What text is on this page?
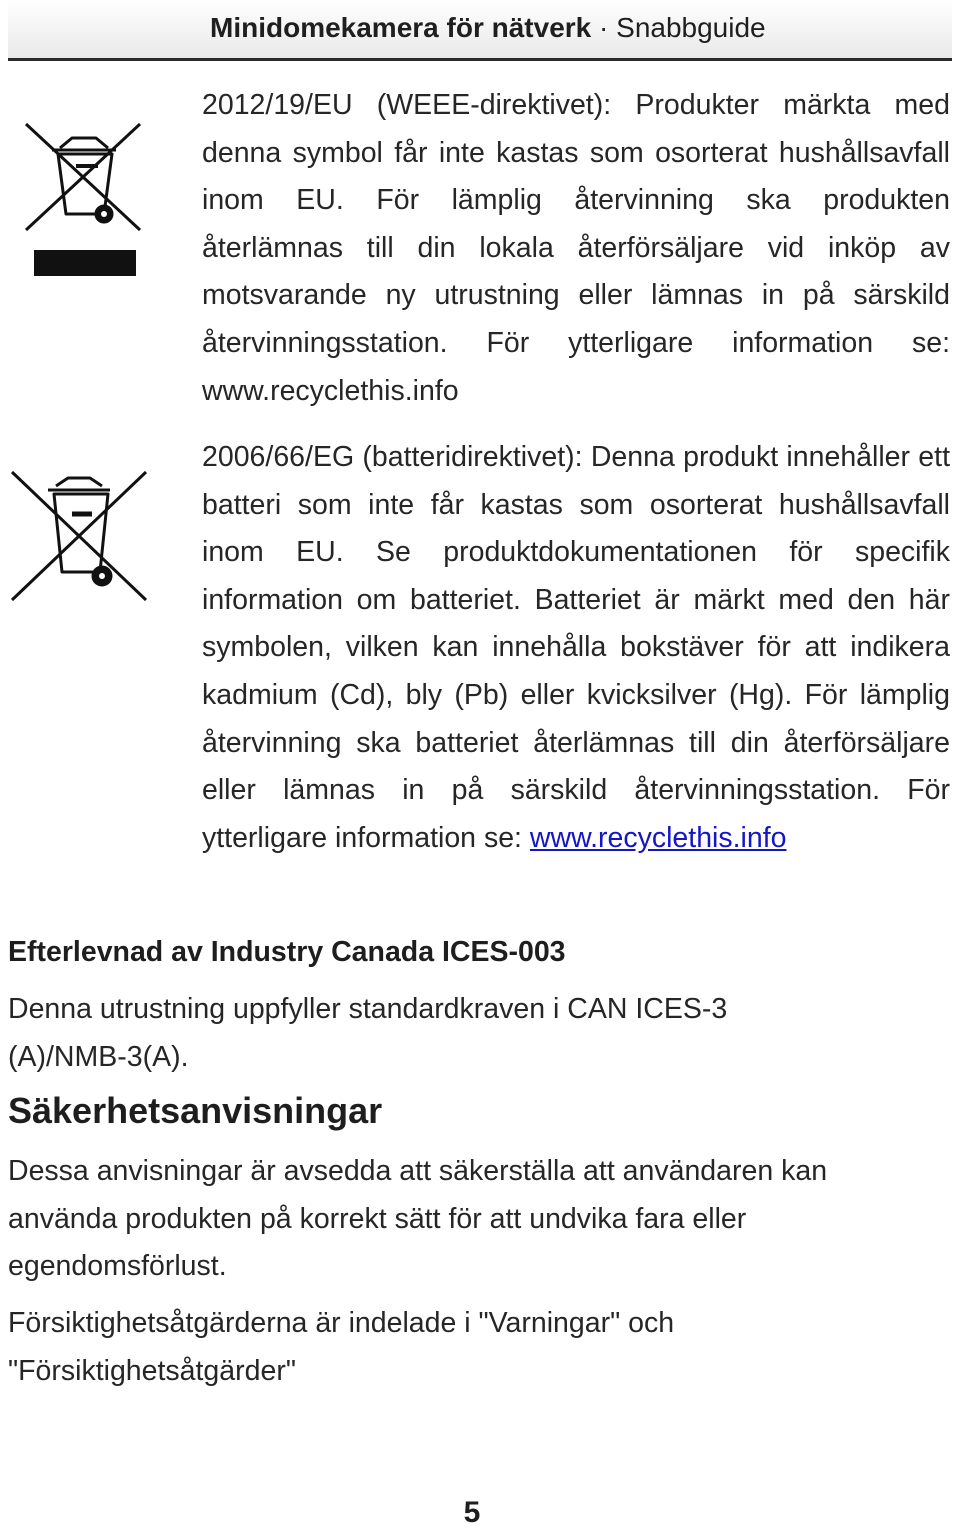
Minidomekamera för nätverk · Snabbguide
2012/19/EU (WEEE-direktivet): Produkter märkta med denna symbol får inte kastas som osorterat hushållsavfall inom EU. För lämplig återvinning ska produkten återlämnas till din lokala återförsäljare vid inköp av motsvarande ny utrustning eller lämnas in på särskild återvinningsstation. För ytterligare information se: www.recyclethis.info
2006/66/EG (batteridirektivet): Denna produkt innehåller ett batteri som inte får kastas som osorterat hushållsavfall inom EU. Se produktdokumentationen för specifik information om batteriet. Batteriet är märkt med den här symbolen, vilken kan innehålla bokstäver för att indikera kadmium (Cd), bly (Pb) eller kvicksilver (Hg). För lämplig återvinning ska batteriet återlämnas till din återförsäljare eller lämnas in på särskild återvinningsstation. För ytterligare information se: www.recyclethis.info
Efterlevnad av Industry Canada ICES-003
Denna utrustning uppfyller standardkraven i CAN ICES-3 (A)/NMB-3(A).
Säkerhetsanvisningar
Dessa anvisningar är avsedda att säkerställa att användaren kan använda produkten på korrekt sätt för att undvika fara eller egendomsförlust.
Försiktighetsåtgärderna är indelade i "Varningar" och "Försiktighetsåtgärder"
5
